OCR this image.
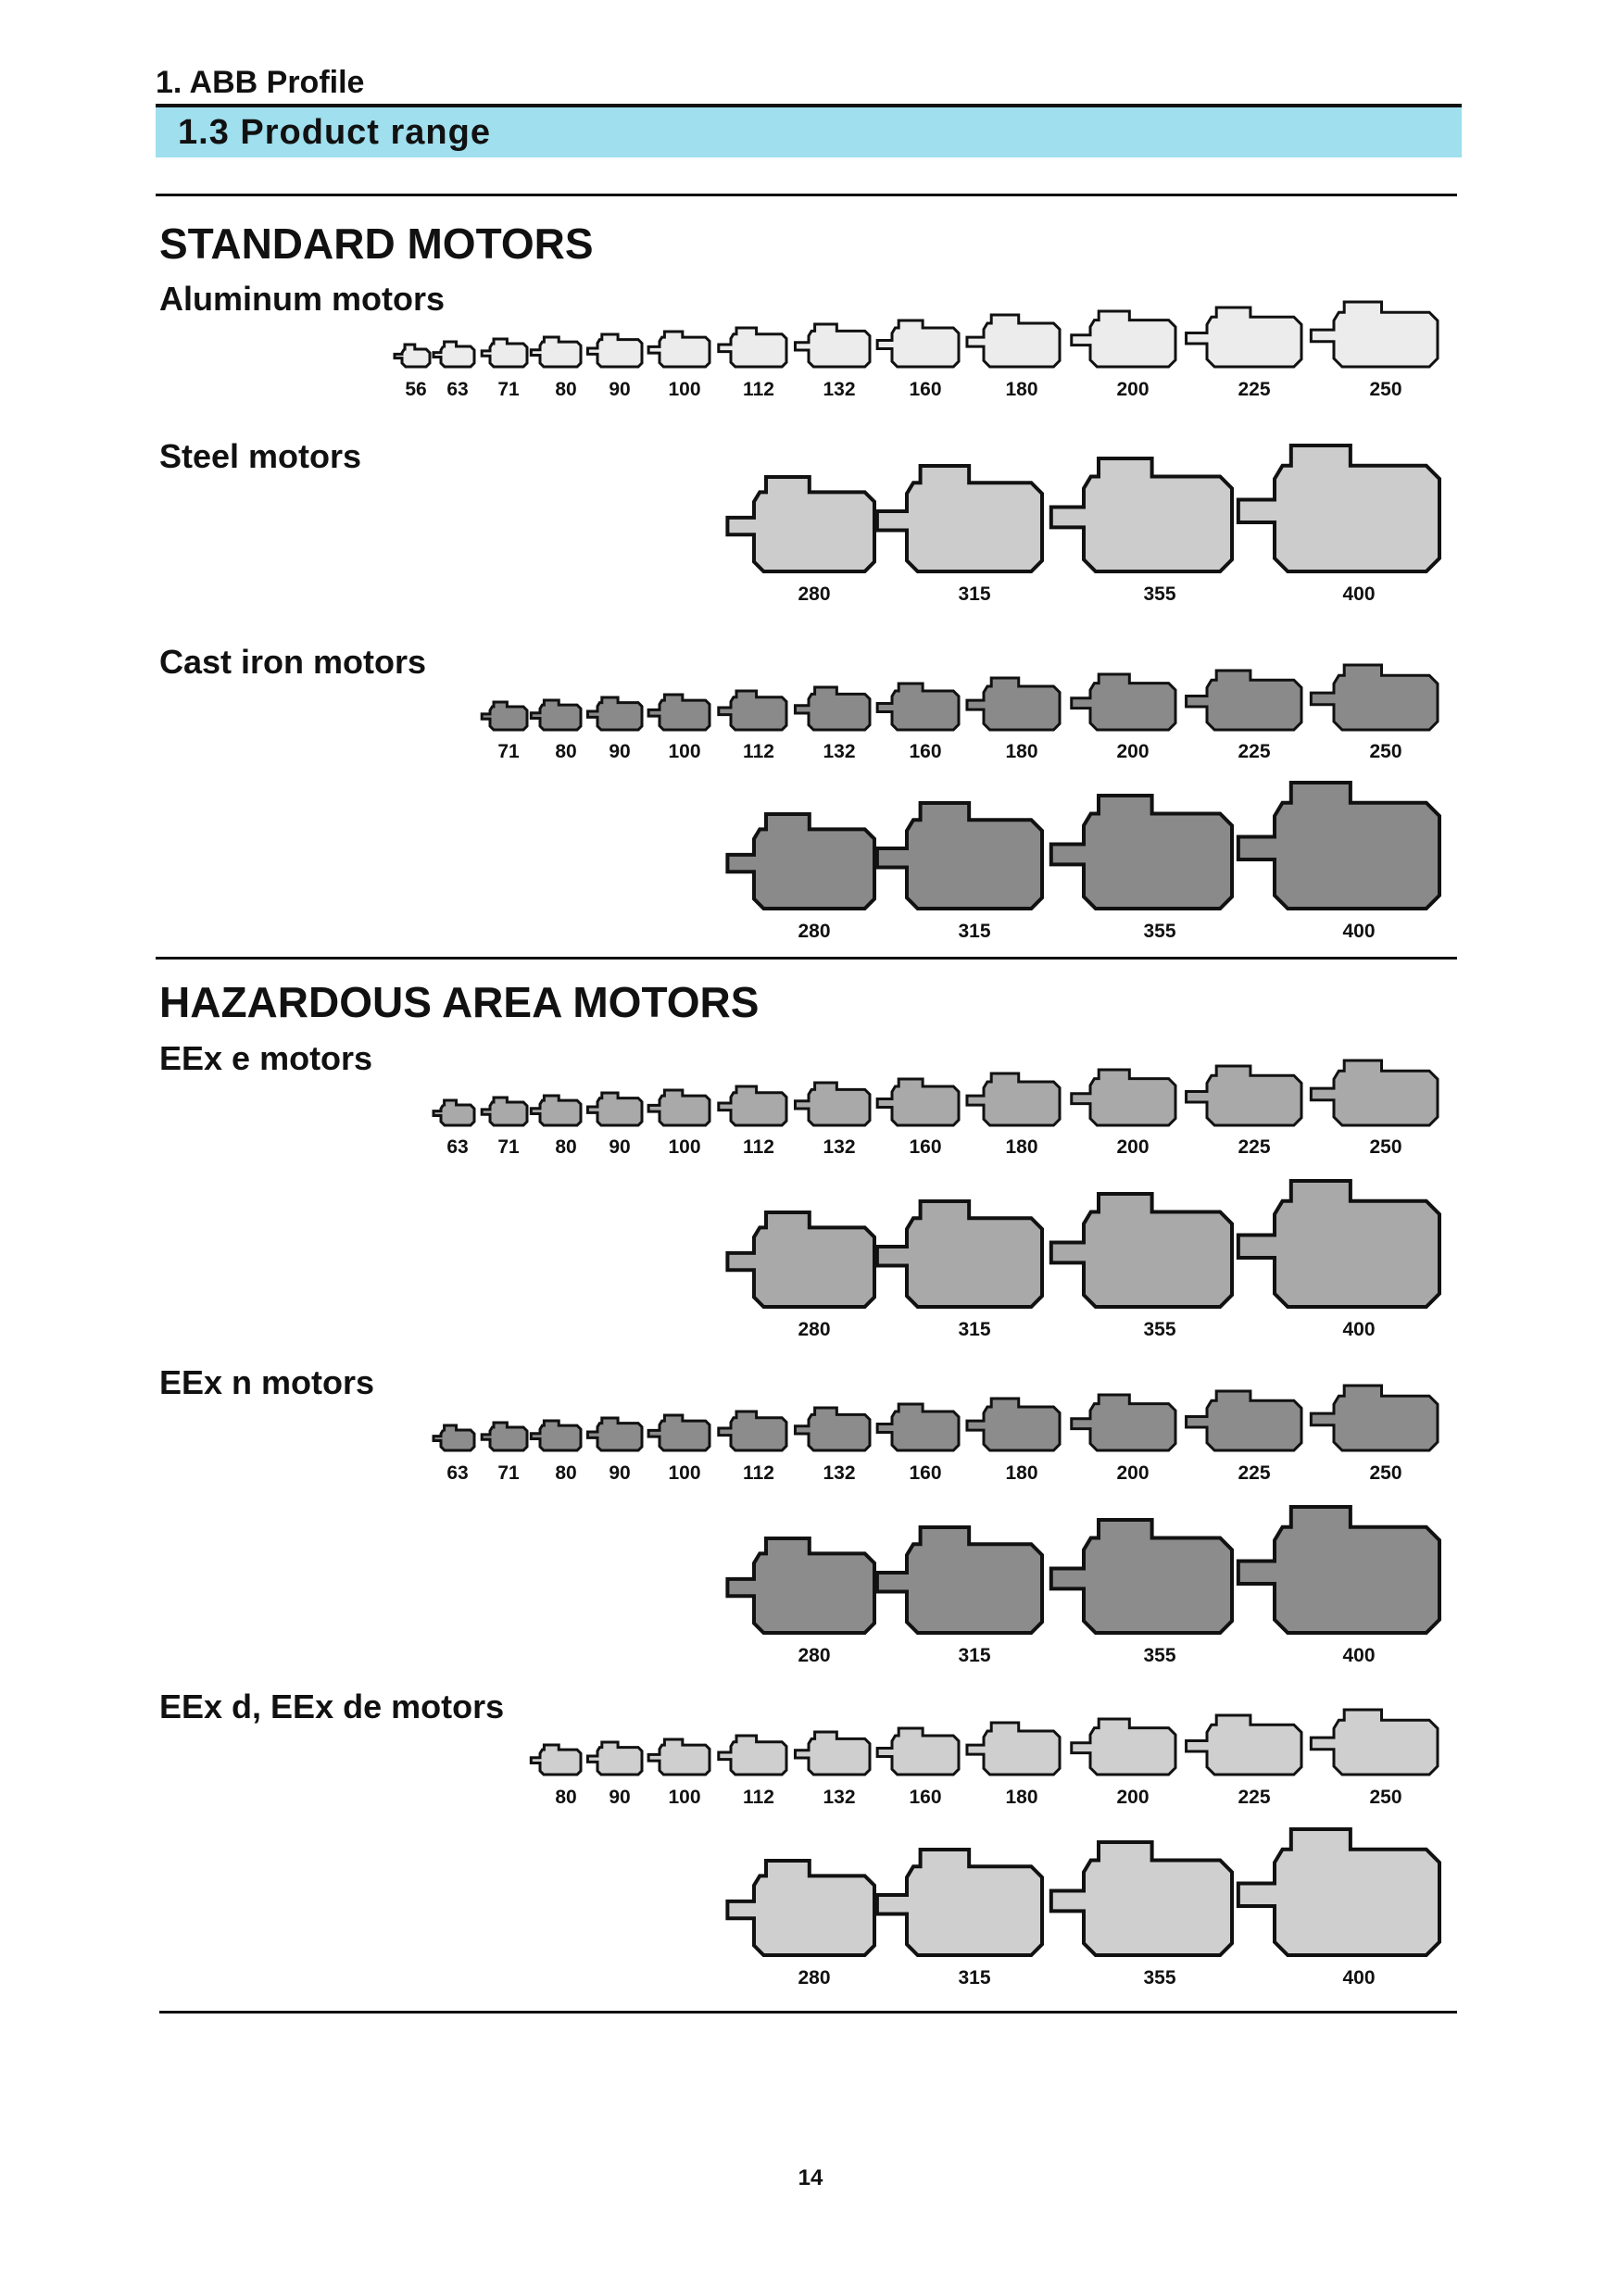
1. ABB Profile
1.3 Product range
STANDARD MOTORS
Aluminum motors
Steel motors
Cast iron motors
HAZARDOUS AREA MOTORS
EEx e motors
EEx n motors
EEx d, EEx de motors
56 63 71 80 90 100 112	132	160	180	200	225	250
280	315	355	400
71 80 90 100 112	132	160	180	200	225	250
280	315	355	400
63 71 80 90 100 112	132	160	180	200	225	250
280	315	355	400
63 71 80 90 100 112	132	160	180	200	225	250
280	315	355	400
80 90 100 112	132	160	180	200	225	250
280	315	355	400
14
